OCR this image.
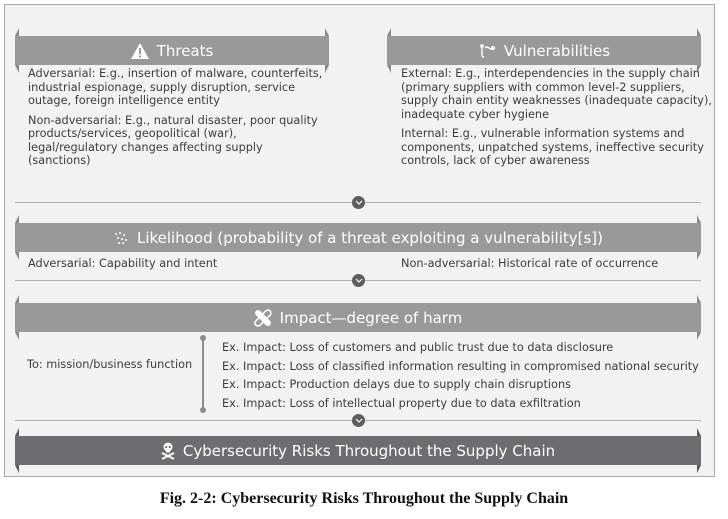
Threats

Adversarial: E.g., insertion of malware, counterfeits, industrial espionage, supply disruption, service outage, foreign intelligence entity

Non-adversarial: E.g., natural disaster, poor quality products/services, geopolitical (war), legal/regulatory changes affecting supply (sanctions)

Vulnerabilities

External: E.g., interdependencies in the supply chain (primary suppliers with common level-2 suppliers, supply chain entity weaknesses (inadequate capacity), inadequate cyber hygiene

Internal: E.g., vulnerable information systems and components, unpatched systems, ineffective security controls, lack of cyber awareness

Likelihood (probability of a threat exploiting a vulnerability[s])
Adversarial: Capability and intent	Non-adversarial: Historical rate of occurrence
Impact—degree of harm
To: mission/business function
Ex. Impact: Loss of customers and public trust due to data disclosure
Ex. Impact: Loss of classified information resulting in compromised national security
Ex. Impact: Production delays due to supply chain disruptions
Ex. Impact: Loss of intellectual property due to data exfiltration
Cybersecurity Risks Throughout the Supply Chain
Fig. 2-2: Cybersecurity Risks Throughout the Supply Chain
